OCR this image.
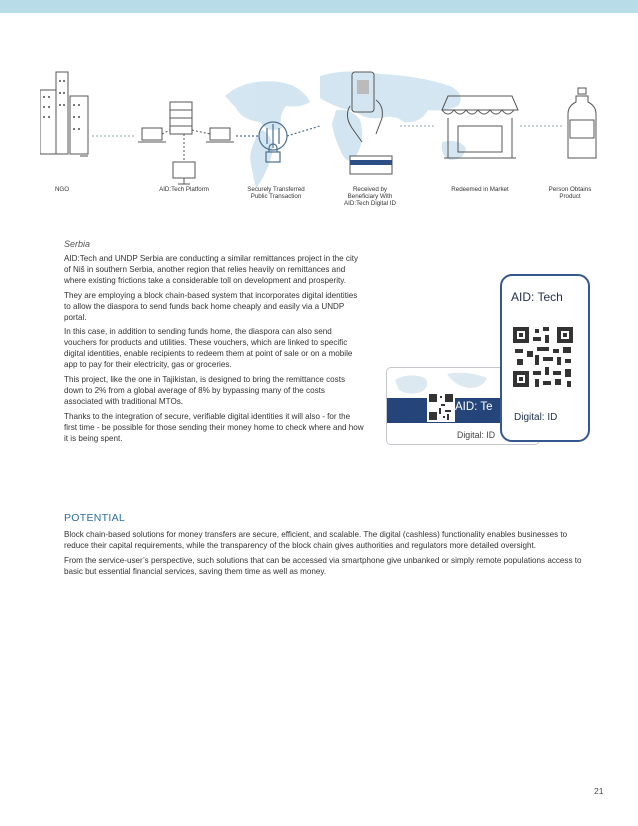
NGO	AID:Tech Platform	Securely Transferred
Public Transaction
Received by
Beneficiary With
AID:Tech Digital ID
Redeemed in Market	Person Obtains
Product
Serbia

AID:Tech and UNDP Serbia are conducting a similar remittances project in the city of Niš in southern Serbia, another region that relies heavily on remittances and where existing frictions take a considerable toll on development and prosperity.

They are employing a block chain-based system that incorporates digital identities to allow the diaspora to send funds back home cheaply and easily via a UNDP portal.

In this case, in addition to sending funds home, the diaspora can also send vouchers for products and utilities. These vouchers, which are linked to specific digital identities, enable recipients to redeem them at point of sale or on a mobile app to pay for their electricity, gas or groceries.

This project, like the one in Tajikistan, is designed to bring the remittance costs down to 2% from a global average of 8% by bypassing many of the costs associated with traditional MTOs.

Thanks to the integration of secure, verifiable digital identities it will also - for the first time - be possible for those sending their money home to check where and how it is being spent.

AID: Te
Digital: ID
AID: Tech
Digital: ID
POTENTIAL

Block chain-based solutions for money transfers are secure, efficient, and scalable. The digital (cashless) functionality enables businesses to reduce their capital requirements, while the transparency of the block chain gives authorities and regulators more detailed oversight.

From the service-user’s perspective, such solutions that can be accessed via smartphone give unbanked or simply remote populations access to basic but essential financial services, saving them time as well as money.

21
